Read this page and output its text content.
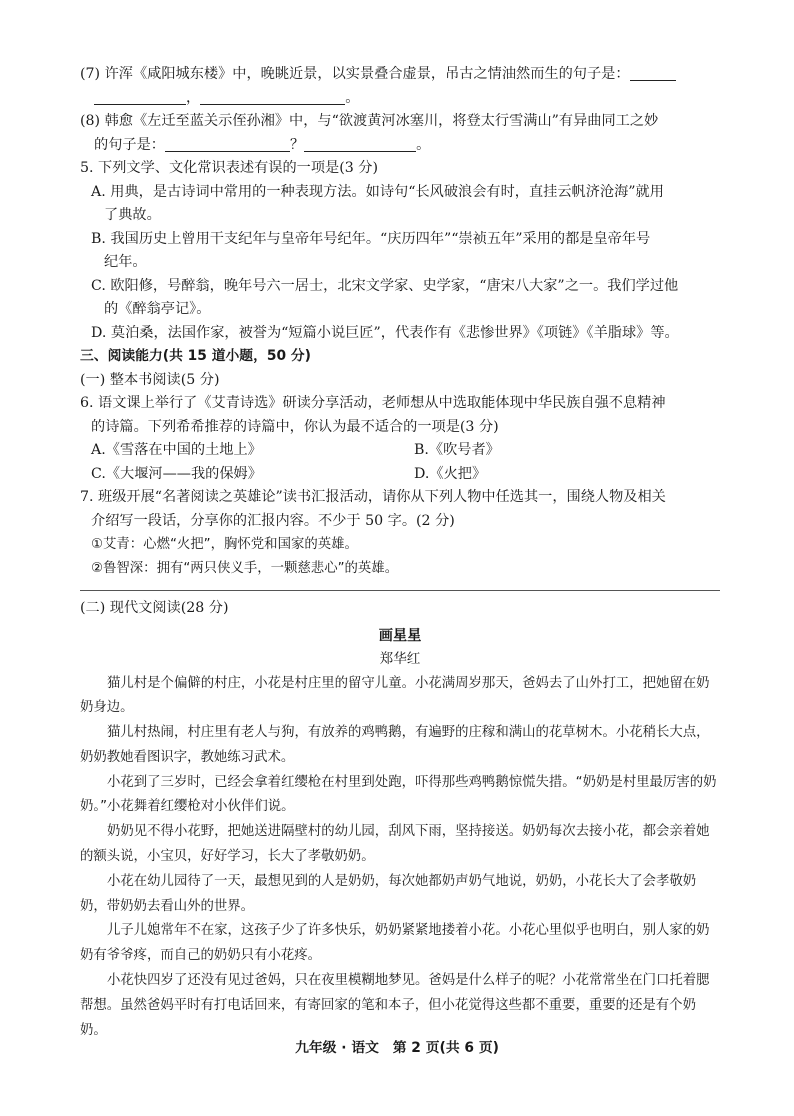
(7) 许浑《咸阳城东楼》中，晚眺近景，以实景叠合虚景，吊古之情油然而生的句子是：

，	。

(8) 韩愈《左迁至蓝关示侄孙湘》中，与“欲渡黄河冰塞川，将登太行雪满山”有异曲同工之妙

的句子是：	？	。

5. 下列文学、文化常识表述有误的一项是(3 分)

A. 用典，是古诗词中常用的一种表现方法。如诗句“长风破浪会有时，直挂云帆济沧海”就用

了典故。

B. 我国历史上曾用干支纪年与皇帝年号纪年。“庆历四年”“崇祯五年”采用的都是皇帝年号

纪年。

C. 欧阳修，号醉翁，晚年号六一居士，北宋文学家、史学家，“唐宋八大家”之一。我们学过他

的《醉翁亭记》。

D. 莫泊桑，法国作家，被誉为“短篇小说巨匠”，代表作有《悲惨世界》《项链》《羊脂球》等。

三、阅读能力(共 15 道小题，50 分)

(一) 整本书阅读(5 分)

6. 语文课上举行了《艾青诗选》研读分享活动，老师想从中选取能体现中华民族自强不息精神

的诗篇。下列希希推荐的诗篇中，你认为最不适合的一项是(3 分)

A.《雪落在中国的土地上》	B.《吹号者》
C.《大堰河——我的保姆》	D.《火把》

7. 班级开展“名著阅读之英雄论”读书汇报活动，请你从下列人物中任选其一，围绕人物及相关

介绍写一段话，分享你的汇报内容。不少于 50 字。(2 分)

①艾青：心燃“火把”，胸怀党和国家的英雄。

②鲁智深：拥有“两只侠义手，一颗慈悲心”的英雄。

(二) 现代文阅读(28 分)

画星星

郑华红

猫儿村是个偏僻的村庄，小花是村庄里的留守儿童。小花满周岁那天，爸妈去了山外打工，把她留在奶奶身边。

猫儿村热闹，村庄里有老人与狗，有放养的鸡鸭鹅，有遍野的庄稼和满山的花草树木。小花稍长大点，奶奶教她看图识字，教她练习武术。

小花到了三岁时，已经会拿着红缨枪在村里到处跑，吓得那些鸡鸭鹅惊慌失措。“奶奶是村里最厉害的奶奶。”小花舞着红缨枪对小伙伴们说。

奶奶见不得小花野，把她送进隔壁村的幼儿园，刮风下雨，坚持接送。奶奶每次去接小花，都会亲着她的额头说，小宝贝，好好学习，长大了孝敬奶奶。

小花在幼儿园待了一天，最想见到的人是奶奶，每次她都奶声奶气地说，奶奶，小花长大了会孝敬奶奶，带奶奶去看山外的世界。

儿子儿媳常年不在家，这孩子少了许多快乐，奶奶紧紧地搂着小花。小花心里似乎也明白，别人家的奶奶有爷爷疼，而自己的奶奶只有小花疼。

小花快四岁了还没有见过爸妈，只在夜里模糊地梦见。爸妈是什么样子的呢？小花常常坐在门口托着腮帮想。虽然爸妈平时有打电话回来，有寄回家的笔和本子，但小花觉得这些都不重要，重要的还是有个奶奶。

九年级 · 语文　第 2 页(共 6 页)
